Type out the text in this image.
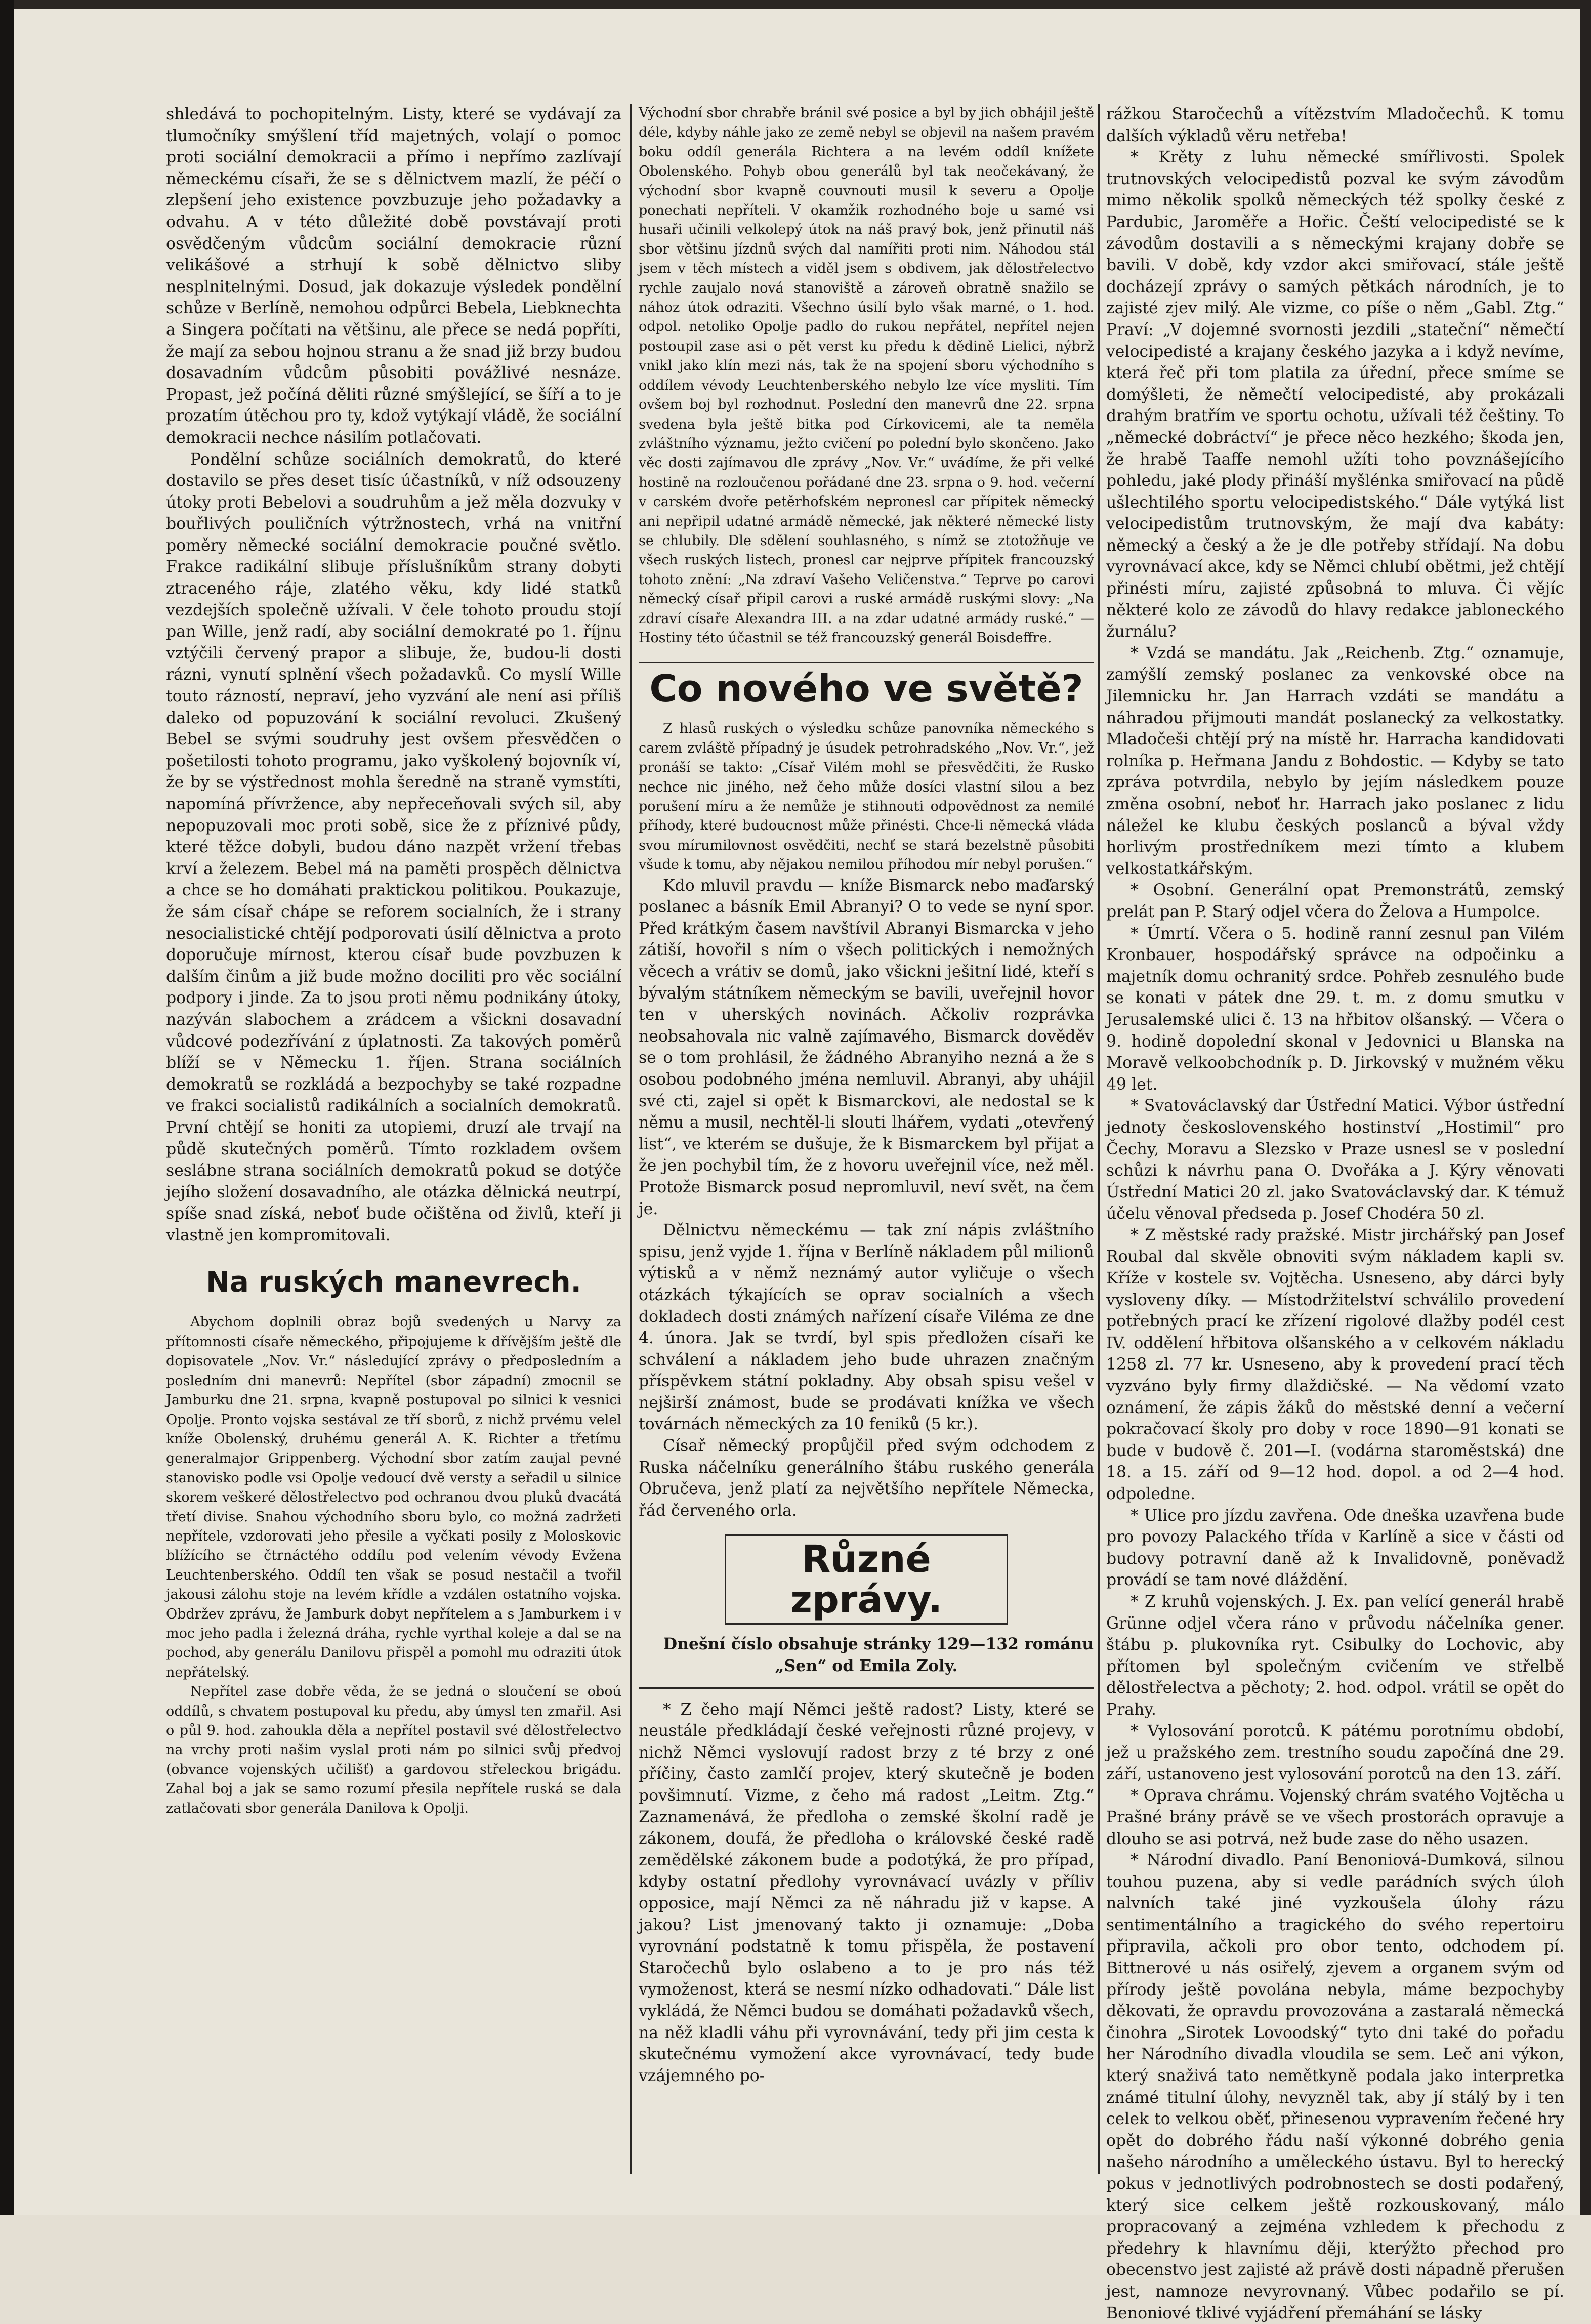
shledává to pochopitelným. Listy, které se vydávají za tlumočníky smýšlení tříd majetných, volají o pomoc proti sociální demokracii a přímo i nepřímo zazlívají německému císaři, že se s dělnictvem mazlí, že péčí o zlepšení jeho existence povzbuzuje jeho požadavky a odvahu. A v této důležité době povstávají proti osvědčeným vůdcům sociální demokracie různí velikášové a strhují k sobě dělnictvo sliby nesplnitelnými. Dosud, jak dokazuje výsledek pondělní schůze v Berlíně, nemohou odpůrci Bebela, Liebknechta a Singera počítati na většinu, ale přece se nedá popříti, že mají za sebou hojnou stranu a že snad již brzy budou dosavadním vůdcům působiti povážlivé nesnáze. Propast, jež počíná děliti různé smýšlející, se šíří a to je prozatím útěchou pro ty, kdož vytýkají vládě, že sociální demokracii nechce násilím potlačovati.

Pondělní schůze sociálních demokratů, do které dostavilo se přes deset tisíc účastníků, v níž odsouzeny útoky proti Bebelovi a soudruhům a jež měla dozvuky v bouřlivých pouličních výtržnostech, vrhá na vnitřní poměry německé sociální demokracie poučné světlo. Frakce radikální slibuje příslušníkům strany dobyti ztraceného ráje, zlatého věku, kdy lidé statků vezdejších společně užívali. V čele tohoto proudu stojí pan Wille, jenž radí, aby sociální demokraté po 1. říjnu vztýčili červený prapor a slibuje, že, budou-li dosti rázni, vynutí splnění všech požadavků. Co myslí Wille touto rázností, nepraví, jeho vyzvání ale není asi příliš daleko od popuzování k sociální revoluci. Zkušený Bebel se svými soudruhy jest ovšem přesvědčen o pošetilosti tohoto programu, jako vyškolený bojovník ví, že by se výstřednost mohla šeredně na straně vymstíti, napomíná přívržence, aby nepřeceňovali svých sil, aby nepopuzovali moc proti sobě, sice že z příznivé půdy, které těžce dobyli, budou dáno nazpět vržení třebas krví a železem. Bebel má na paměti prospěch dělnictva a chce se ho domáhati praktickou politikou. Poukazuje, že sám císař chápe se reforem socialních, že i strany nesocialistické chtějí podporovati úsilí dělnictva a proto doporučuje mírnost, kterou císař bude povzbuzen k dalším činům a již bude možno dociliti pro věc sociální podpory i jinde. Za to jsou proti němu podnikány útoky, nazýván slabochem a zrádcem a všickni dosavadní vůdcové podezřívání z úplatnosti. Za takových poměrů blíží se v Německu 1. říjen. Strana sociálních demokratů se rozkládá a bezpochyby se také rozpadne ve frakci socialistů radikálních a socialních demokratů. První chtějí se honiti za utopiemi, druzí ale trvají na půdě skutečných poměrů. Tímto rozkladem ovšem seslábne strana sociálních demokratů pokud se dotýče jejího složení dosavadního, ale otázka dělnická neutrpí, spíše snad získá, neboť bude očištěna od živlů, kteří ji vlastně jen kompromitovali.

Na ruských manevrech.

Abychom doplnili obraz bojů svedených u Narvy za přítomnosti císaře německého, připojujeme k dřívějším ještě dle dopisovatele „Nov. Vr.“ následující zprávy o předposledním a posledním dni manevrů: Nepřítel (sbor západní) zmocnil se Jamburku dne 21. srpna, kvapně postupoval po silnici k vesnici Opolje. Pronto vojska sestával ze tří sborů, z nichž prvému velel kníže Obolenský, druhému generál A. K. Richter a třetímu generalmajor Grippenberg. Východní sbor zatím zaujal pevné stanovisko podle vsi Opolje vedoucí dvě versty a seřadil u silnice skorem veškeré dělostřelectvo pod ochranou dvou pluků dvacátá třetí divise. Snahou východního sboru bylo, co možná zadržeti nepřítele, vzdorovati jeho přesile a vyčkati posily z Moloskovic blížícího se čtrnáctého oddílu pod velením vévody Evžena Leuchtenberského. Oddíl ten však se posud nestačil a tvořil jakousi zálohu stoje na levém křídle a vzdálen ostatního vojska. Obdržev zprávu, že Jamburk dobyt nepřítelem a s Jamburkem i v moc jeho padla i železná dráha, rychle vyrthal koleje a dal se na pochod, aby generálu Danilovu přispěl a pomohl mu odraziti útok nepřátelský.

Nepřítel zase dobře věda, že se jedná o sloučení se oboú oddílů, s chvatem postupoval ku předu, aby úmysl ten zmařil. Asi o půl 9. hod. zahoukla děla a nepřítel postavil své dělostřelectvo na vrchy proti našim vyslal proti nám po silnici svůj předvoj (obvance vojenských učilišť) a gardovou střeleckou brigádu. Zahal boj a jak se samo rozumí přesila nepřítele ruská se dala zatlačovati sbor generála Danilova k Opolji.

Východní sbor chrabře bránil své posice a byl by jich obhájil ještě déle, kdyby náhle jako ze země nebyl se objevil na našem pravém boku oddíl generála Richtera a na levém oddíl knížete Obolenského. Pohyb obou generálů byl tak neočekávaný, že východní sbor kvapně couvnouti musil k severu a Opolje ponechati nepříteli. V okamžik rozhodného boje u samé vsi husaři učinili velkolepý útok na náš pravý bok, jenž přinutil náš sbor většinu jízdnů svých dal namířiti proti nim. Náhodou stál jsem v těch místech a viděl jsem s obdivem, jak dělostřelectvo rychle zaujalo nová stanoviště a zároveň obratně snažilo se nához útok odraziti. Všechno úsilí bylo však marné, o 1. hod. odpol. netoliko Opolje padlo do rukou nepřátel, nepřítel nejen postoupil zase asi o pět verst ku předu k dědině Lielici, nýbrž vnikl jako klín mezi nás, tak že na spojení sboru východního s oddílem vévody Leuchtenberského nebylo lze více mysliti. Tím ovšem boj byl rozhodnut. Poslední den manevrů dne 22. srpna svedena byla ještě bitka pod Církovicemi, ale ta neměla zvláštního významu, ježto cvičení po polední bylo skončeno. Jako věc dosti zajímavou dle zprávy „Nov. Vr.“ uvádíme, že při velké hostině na rozloučenou pořádané dne 23. srpna o 9. hod. večerní v carském dvoře petěrhofském nepronesl car přípitek německý ani nepřipil udatné armádě německé, jak některé německé listy se chlubily. Dle sdělení souhlasného, s nímž se ztotožňuje ve všech ruských listech, pronesl car nejprve přípitek francouzský tohoto znění: „Na zdraví Vašeho Veličenstva.“ Teprve po carovi německý císař připil carovi a ruské armádě ruskými slovy: „Na zdraví císaře Alexandra III. a na zdar udatné armády ruské.“ — Hostiny této účastnil se též francouzský generál Boisdeffre.

Co nového ve světě?

Z hlasů ruských o výsledku schůze panovníka německého s carem zvláště případný je úsudek petrohradského „Nov. Vr.“, jež pronáší se takto: „Císař Vilém mohl se přesvědčiti, že Rusko nechce nic jiného, než čeho může dosíci vlastní silou a bez porušení míru a že nemůže je stihnouti odpovědnost za nemilé příhody, které budoucnost může přinésti. Chce-li německá vláda svou mírumilovnost osvědčiti, nechť se stará bezelstně působiti všude k tomu, aby nějakou nemilou příhodou mír nebyl porušen.“

Kdo mluvil pravdu — kníže Bismarck nebo maďarský poslanec a básník Emil Abranyi? O to vede se nyní spor. Před krátkým časem navštívil Abranyi Bismarcka v jeho zátiší, hovořil s ním o všech politických i nemožných věcech a vrátiv se domů, jako všickni ješitní lidé, kteří s bývalým státníkem německým se bavili, uveřejnil hovor ten v uherských novinách. Ačkoliv rozprávka neobsahovala nic valně zajímavého, Bismarck dověděv se o tom prohlásil, že žádného Abranyiho nezná a že s osobou podobného jména nemluvil. Abranyi, aby uhájil své cti, zajel si opět k Bismarckovi, ale nedostal se k němu a musil, nechtěl-li slouti lhářem, vydati „otevřený list“, ve kterém se dušuje, že k Bismarckem byl přijat a že jen pochybil tím, že z hovoru uveřejnil více, než měl. Protože Bismarck posud nepromluvil, neví svět, na čem je.

Dělnictvu německému — tak zní nápis zvláštního spisu, jenž vyjde 1. října v Berlíně nákladem půl milionů výtisků a v němž neznámý autor vyličuje o všech otázkách týkajících se oprav socialních a všech dokladech dosti známých nařízení císaře Viléma ze dne 4. února. Jak se tvrdí, byl spis předložen císaři ke schválení a nákladem jeho bude uhrazen značným příspěvkem státní pokladny. Aby obsah spisu vešel v nejširší známost, bude se prodávati knížka ve všech továrnách německých za 10 feniků (5 kr.).

Císař německý propůjčil před svým odchodem z Ruska náčelníku generálního štábu ruského generála Obručeva, jenž platí za největšího nepřítele Německa, řád červeného orla.

Různé zprávy.

Dnešní číslo obsahuje stránky 129—132 románu „Sen“ od Emila Zoly.

* Z čeho mají Němci ještě radost? Listy, které se neustále předkládají české veřejnosti různé projevy, v nichž Němci vyslovují radost brzy z té brzy z oné příčiny, často zamlčí projev, který skutečně je boden povšimnutí. Vizme, z čeho má radost „Leitm. Ztg.“ Zaznamenává, že předloha o zemské školní radě je zákonem, doufá, že předloha o královské české radě zemědělské zákonem bude a podotýká, že pro případ, kdyby ostatní předlohy vyrovnávací uvázly v příliv opposice, mají Němci za ně náhradu již v kapse. A jakou? List jmenovaný takto ji oznamuje: „Doba vyrovnání podstatně k tomu přispěla, že postavení Staročechů bylo oslabeno a to je pro nás též vymoženost, která se nesmí nízko odhadovati.“ Dále list vykládá, že Němci budou se domáhati požadavků všech, na něž kladli váhu při vyrovnávání, tedy při jim cesta k skutečnému vymožení akce vyrovnávací, tedy bude vzájemného po-

rážkou Staročechů a vítězstvím Mladočechů. K tomu dalších výkladů věru netřeba!

* Krěty z luhu německé smířlivosti. Spolek trutnovských velocipedistů pozval ke svým závodům mimo několik spolků německých též spolky české z Pardubic, Jaroměře a Hořic. Čeští velocipedisté se k závodům dostavili a s německými krajany dobře se bavili. V době, kdy vzdor akci smiřovací, stále ještě docházejí zprávy o samých pětkách národních, je to zajisté zjev milý. Ale vizme, co píše o něm „Gabl. Ztg.“ Praví: „V dojemné svornosti jezdili „stateční“ němečtí velocipedisté a krajany českého jazyka a i když nevíme, která řeč při tom platila za úřední, přece smíme se domýšleti, že němečtí velocipedisté, aby prokázali drahým bratřím ve sportu ochotu, užívali též češtiny. To „německé dobráctví“ je přece něco hezkého; škoda jen, že hrabě Taaffe nemohl užíti toho povznášejícího pohledu, jaké plody přináší myšlénka smiřovací na půdě ušlechtilého sportu velocipedistského.“ Dále vytýká list velocipedistům trutnovským, že mají dva kabáty: německý a český a že je dle potřeby střídají. Na dobu vyrovnávací akce, kdy se Němci chlubí obětmi, jež chtějí přinésti míru, zajisté způsobná to mluva. Či vějíc některé kolo ze závodů do hlavy redakce jabloneckého žurnálu?

* Vzdá se mandátu. Jak „Reichenb. Ztg.“ oznamuje, zamýšlí zemský poslanec za venkovské obce na Jilemnicku hr. Jan Harrach vzdáti se mandátu a náhradou přijmouti mandát poslanecký za velkostatky. Mladočeši chtějí prý na místě hr. Harracha kandidovati rolníka p. Heřmana Jandu z Bohdostic. — Kdyby se tato zpráva potvrdila, nebylo by jejím následkem pouze změna osobní, neboť hr. Harrach jako poslanec z lidu náležel ke klubu českých poslanců a býval vždy horlivým prostředníkem mezi tímto a klubem velkostatkářským.

* Osobní. Generální opat Premonstrátů, zemský prelát pan P. Starý odjel včera do Želova a Humpolce.

* Úmrtí. Včera o 5. hodině ranní zesnul pan Vilém Kronbauer, hospodářský správce na odpočinku a majetník domu ochranitý srdce. Pohřeb zesnulého bude se konati v pátek dne 29. t. m. z domu smutku v Jerusalemské ulici č. 13 na hřbitov olšanský. — Včera o 9. hodině dopolední skonal v Jedovnici u Blanska na Moravě velkoobchodník p. D. Jirkovský v mužném věku 49 let.

* Svatováclavský dar Ústřední Matici. Výbor ústřední jednoty československého hostinství „Hostimil“ pro Čechy, Moravu a Slezsko v Praze usnesl se v poslední schůzi k návrhu pana O. Dvořáka a J. Kýry věnovati Ústřední Matici 20 zl. jako Svatováclavský dar. K témuž účelu věnoval předseda p. Josef Chodéra 50 zl.

* Z městské rady pražské. Mistr jirchářský pan Josef Roubal dal skvěle obnoviti svým nákladem kapli sv. Kříže v kostele sv. Vojtěcha. Usneseno, aby dárci byly vysloveny díky. — Místodržitelství schválilo provedení potřebných prací ke zřízení rigolové dlažby podél cest IV. oddělení hřbitova olšanského a v celkovém nákladu 1258 zl. 77 kr. Usneseno, aby k provedení prací těch vyzváno byly firmy dlaždičské. — Na vědomí vzato oznámení, že zápis žáků do městské denní a večerní pokračovací školy pro doby v roce 1890—91 konati se bude v budově č. 201—I. (vodárna staroměstská) dne 18. a 15. září od 9—12 hod. dopol. a od 2—4 hod. odpoledne.

* Ulice pro jízdu zavřena. Ode dneška uzavřena bude pro povozy Palackého třída v Karlíně a sice v části od budovy potravní daně až k Invalidovně, poněvadž provádí se tam nové dláždění.

* Z kruhů vojenských. J. Ex. pan velící generál hrabě Grünne odjel včera ráno v průvodu náčelníka gener. štábu p. plukovníka ryt. Csibulky do Lochovic, aby přítomen byl společným cvičením ve střelbě dělostřelectva a pěchoty; 2. hod. odpol. vrátil se opět do Prahy.

* Vylosování porotců. K pátému porotnímu období, jež u pražského zem. trestního soudu započíná dne 29. září, ustanoveno jest vylosování porotců na den 13. září.

* Oprava chrámu. Vojenský chrám svatého Vojtěcha u Prašné brány právě se ve všech prostorách opravuje a dlouho se asi potrvá, než bude zase do něho usazen.

* Národní divadlo. Paní Benoniová-Dumková, silnou touhou puzena, aby si vedle parádních svých úloh nalvních také jiné vyzkoušela úlohy rázu sentimentálního a tragického do svého repertoiru připravila, ačkoli pro obor tento, odchodem pí. Bittnerové u nás osiřelý, zjevem a organem svým od přírody ještě povolána nebyla, máme bezpochyby děkovati, že opravdu provozována a zastaralá německá činohra „Sirotek Lovoodský“ tyto dni také do pořadu her Národního divadla vloudila se sem. Leč ani výkon, který snaživá tato nemětkyně podala jako interpretka známé titulní úlohy, nevyzněl tak, aby jí stálý by i ten celek to velkou oběť, přinesenou vypravením řečené hry opět do dobrého řádu naší výkonné dobrého genia našeho národního a uměleckého ústavu. Byl to herecký pokus v jednotlivých podrobnostech se dosti podařený, který sice celkem ještě rozkouskovaný, málo propracovaný a zejména vzhledem k přechodu z předehry k hlavnímu ději, kterýžto přechod pro obecenstvo jest zajisté až právě dosti nápadně přerušen jest, namnoze nevyrovnaný. Vůbec podařilo se pí. Benoniové tklivé vyjádření přemáhání se lásky
